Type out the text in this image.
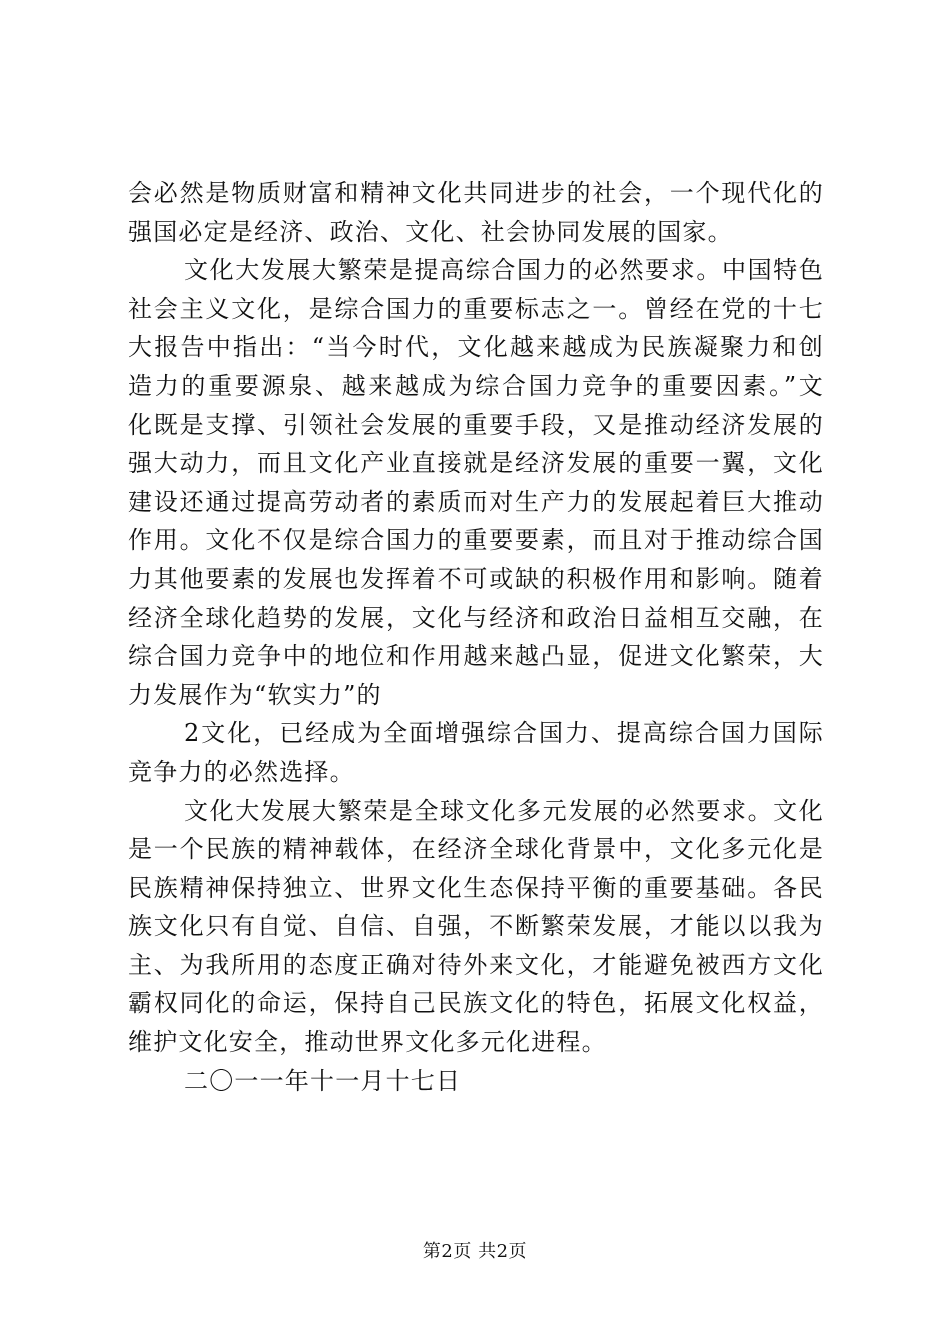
会必然是物质财富和精神文化共同进步的社会，一个现代化的
强国必定是经济、政治、文化、社会协同发展的国家。
文化大发展大繁荣是提高综合国力的必然要求。中国特色
社会主义文化，是综合国力的重要标志之一。曾经在党的十七
大报告中指出：“当今时代，文化越来越成为民族凝聚力和创
造力的重要源泉、越来越成为综合国力竞争的重要因素。”文
化既是支撑、引领社会发展的重要手段，又是推动经济发展的
强大动力，而且文化产业直接就是经济发展的重要一翼，文化
建设还通过提高劳动者的素质而对生产力的发展起着巨大推动
作用。文化不仅是综合国力的重要要素，而且对于推动综合国
力其他要素的发展也发挥着不可或缺的积极作用和影响。随着
经济全球化趋势的发展，文化与经济和政治日益相互交融，在
综合国力竞争中的地位和作用越来越凸显，促进文化繁荣，大
力发展作为“软实力”的
2文化，已经成为全面增强综合国力、提高综合国力国际
竞争力的必然选择。
文化大发展大繁荣是全球文化多元发展的必然要求。文化
是一个民族的精神载体，在经济全球化背景中，文化多元化是
民族精神保持独立、世界文化生态保持平衡的重要基础。各民
族文化只有自觉、自信、自强，不断繁荣发展，才能以以我为
主、为我所用的态度正确对待外来文化，才能避免被西方文化
霸权同化的命运，保持自己民族文化的特色，拓展文化权益，
维护文化安全，推动世界文化多元化进程。
二〇一一年十一月十七日
第2页 共2页
